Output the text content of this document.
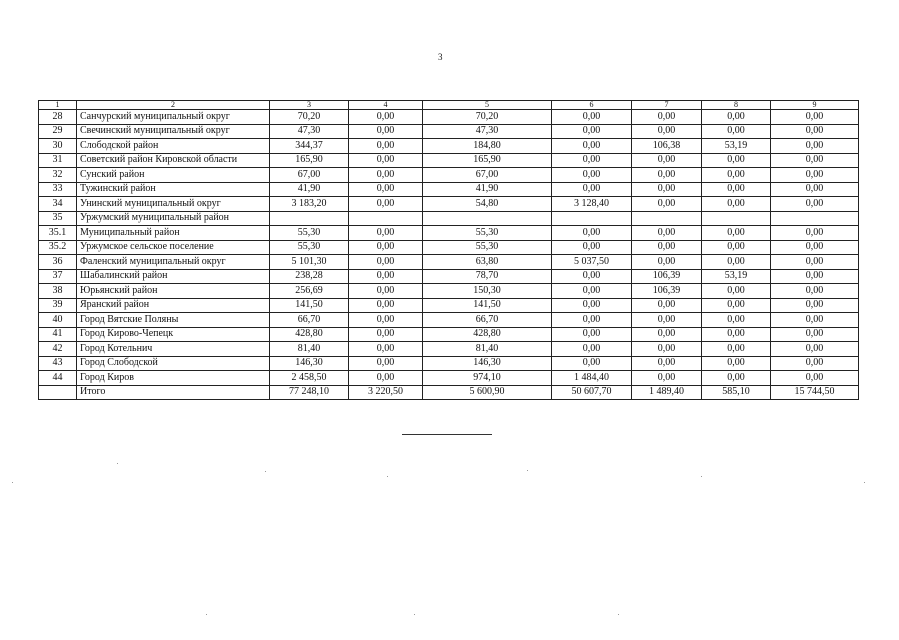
3
1	2	3	4	5	6	7	8	9
28	Санчурский муниципальный округ	70,20	0,00	70,20	0,00	0,00	0,00	0,00
29	Свечинский муниципальный округ	47,30	0,00	47,30	0,00	0,00	0,00	0,00
30	Слободской район	344,37	0,00	184,80	0,00	106,38	53,19	0,00
31	Советский район Кировской области	165,90	0,00	165,90	0,00	0,00	0,00	0,00
32	Сунский район	67,00	0,00	67,00	0,00	0,00	0,00	0,00
33	Тужинский район	41,90	0,00	41,90	0,00	0,00	0,00	0,00
34	Унинский муниципальный округ	3 183,20	0,00	54,80	3 128,40	0,00	0,00	0,00
35	Уржумский муниципальный район							
35.1	Муниципальный район	55,30	0,00	55,30	0,00	0,00	0,00	0,00
35.2	Уржумское сельское поселение	55,30	0,00	55,30	0,00	0,00	0,00	0,00
36	Фаленский муниципальный округ	5 101,30	0,00	63,80	5 037,50	0,00	0,00	0,00
37	Шабалинский район	238,28	0,00	78,70	0,00	106,39	53,19	0,00
38	Юрьянский район	256,69	0,00	150,30	0,00	106,39	0,00	0,00
39	Яранский район	141,50	0,00	141,50	0,00	0,00	0,00	0,00
40	Город Вятские Поляны	66,70	0,00	66,70	0,00	0,00	0,00	0,00
41	Город Кирово-Чепецк	428,80	0,00	428,80	0,00	0,00	0,00	0,00
42	Город Котельнич	81,40	0,00	81,40	0,00	0,00	0,00	0,00
43	Город Слободской	146,30	0,00	146,30	0,00	0,00	0,00	0,00
44	Город Киров	2 458,50	0,00	974,10	1 484,40	0,00	0,00	0,00
	Итого	77 248,10	3 220,50	5 600,90	50 607,70	1 489,40	585,10	15 744,50
